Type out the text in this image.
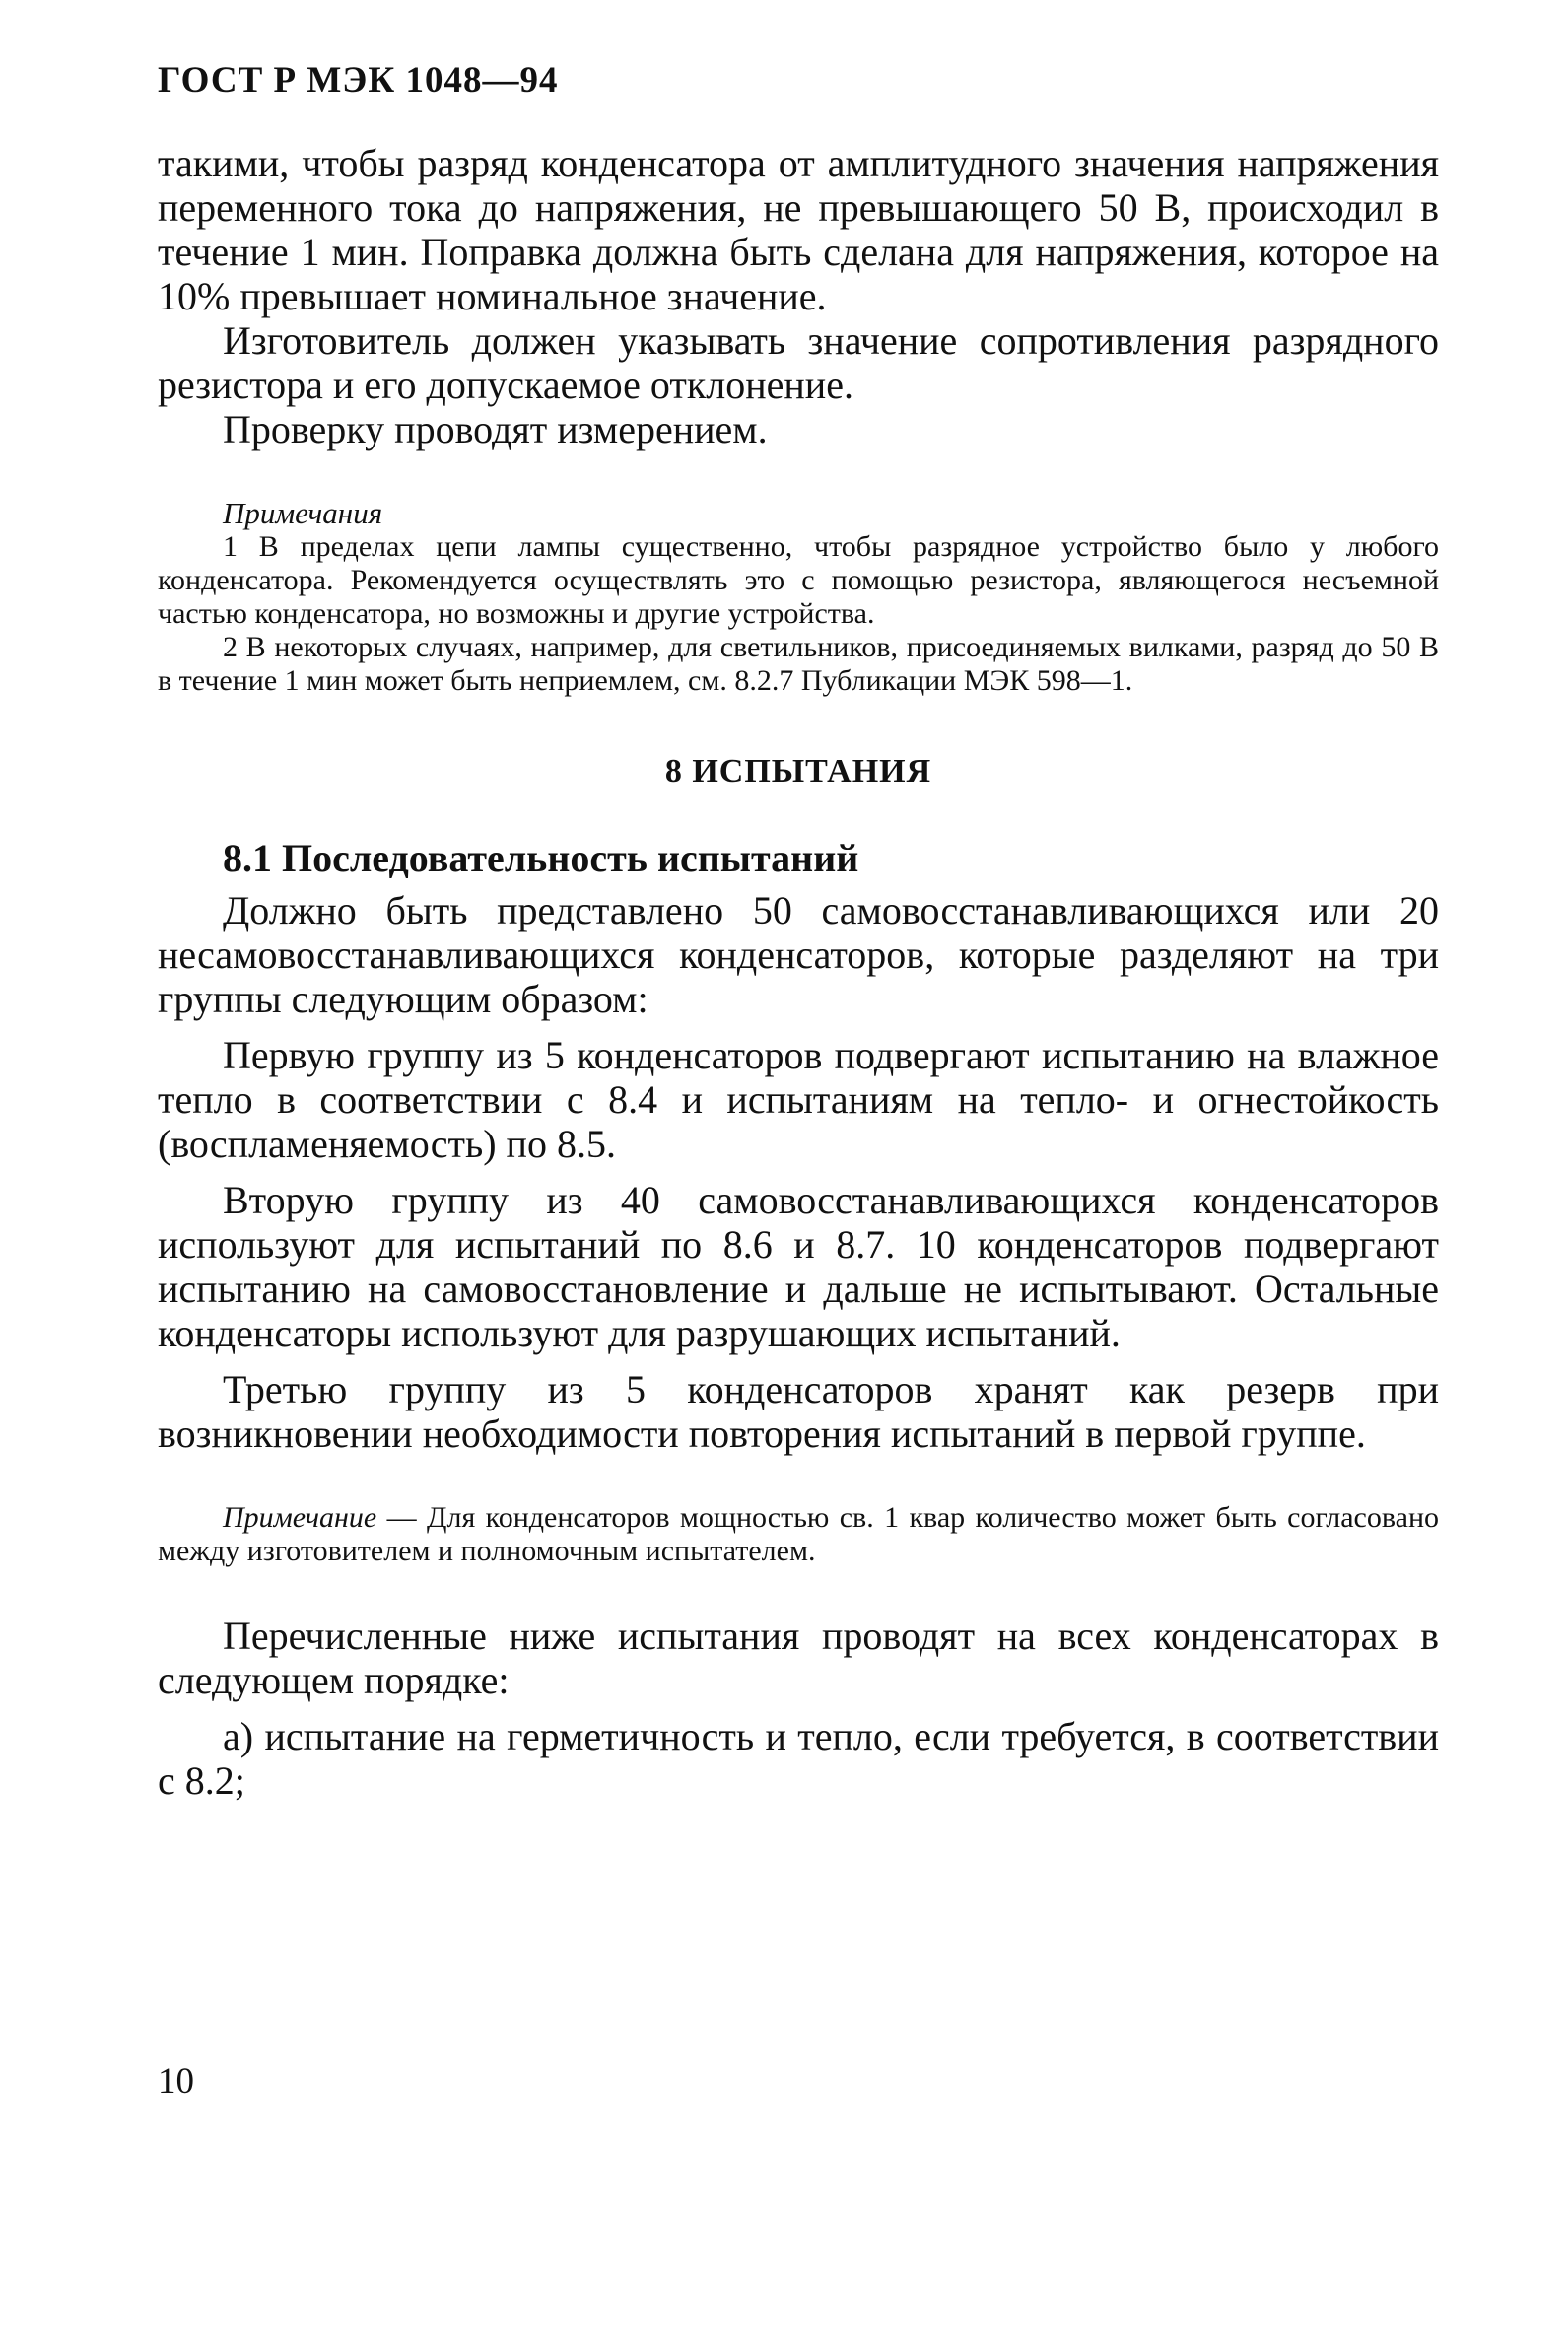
ГОСТ Р МЭК 1048—94

такими, чтобы разряд конденсатора от амплитудного значения напряжения переменного тока до напряжения, не превышающего 50 В, происходил в течение 1 мин. Поправка должна быть сделана для напряжения, которое на 10% превышает номинальное значение.

Изготовитель должен указывать значение сопротивления разрядного резистора и его допускаемое отклонение.

Проверку проводят измерением.

Примечания

1 В пределах цепи лампы существенно, чтобы разрядное устройство было у любого конденсатора. Рекомендуется осуществлять это с помощью резистора, являющегося несъемной частью конденсатора, но возможны и другие устройства.

2 В некоторых случаях, например, для светильников, присоединяемых вилками, разряд до 50 В в течение 1 мин может быть неприемлем, см. 8.2.7 Публикации МЭК 598—1.

8 ИСПЫТАНИЯ
8.1 Последовательность испытаний

Должно быть представлено 50 самовосстанавливающихся или 20 несамовосстанавливающихся конденсаторов, которые разделяют на три группы следующим образом:

Первую группу из 5 конденсаторов подвергают испытанию на влажное тепло в соответствии с 8.4 и испытаниям на тепло- и огнестойкость (воспламеняемость) по 8.5.

Вторую группу из 40 самовосстанавливающихся конденсаторов используют для испытаний по 8.6 и 8.7. 10 конденсаторов подвергают испытанию на самовосстановление и дальше не испытывают. Остальные конденсаторы используют для разрушающих испытаний.

Третью группу из 5 конденсаторов хранят как резерв при возникновении необходимости повторения испытаний в первой группе.

Примечание — Для конденсаторов мощностью св. 1 квар количество может быть согласовано между изготовителем и полномочным испытателем.

Перечисленные ниже испытания проводят на всех конденсаторах в следующем порядке:

а) испытание на герметичность и тепло, если требуется, в соответствии с 8.2;

10
